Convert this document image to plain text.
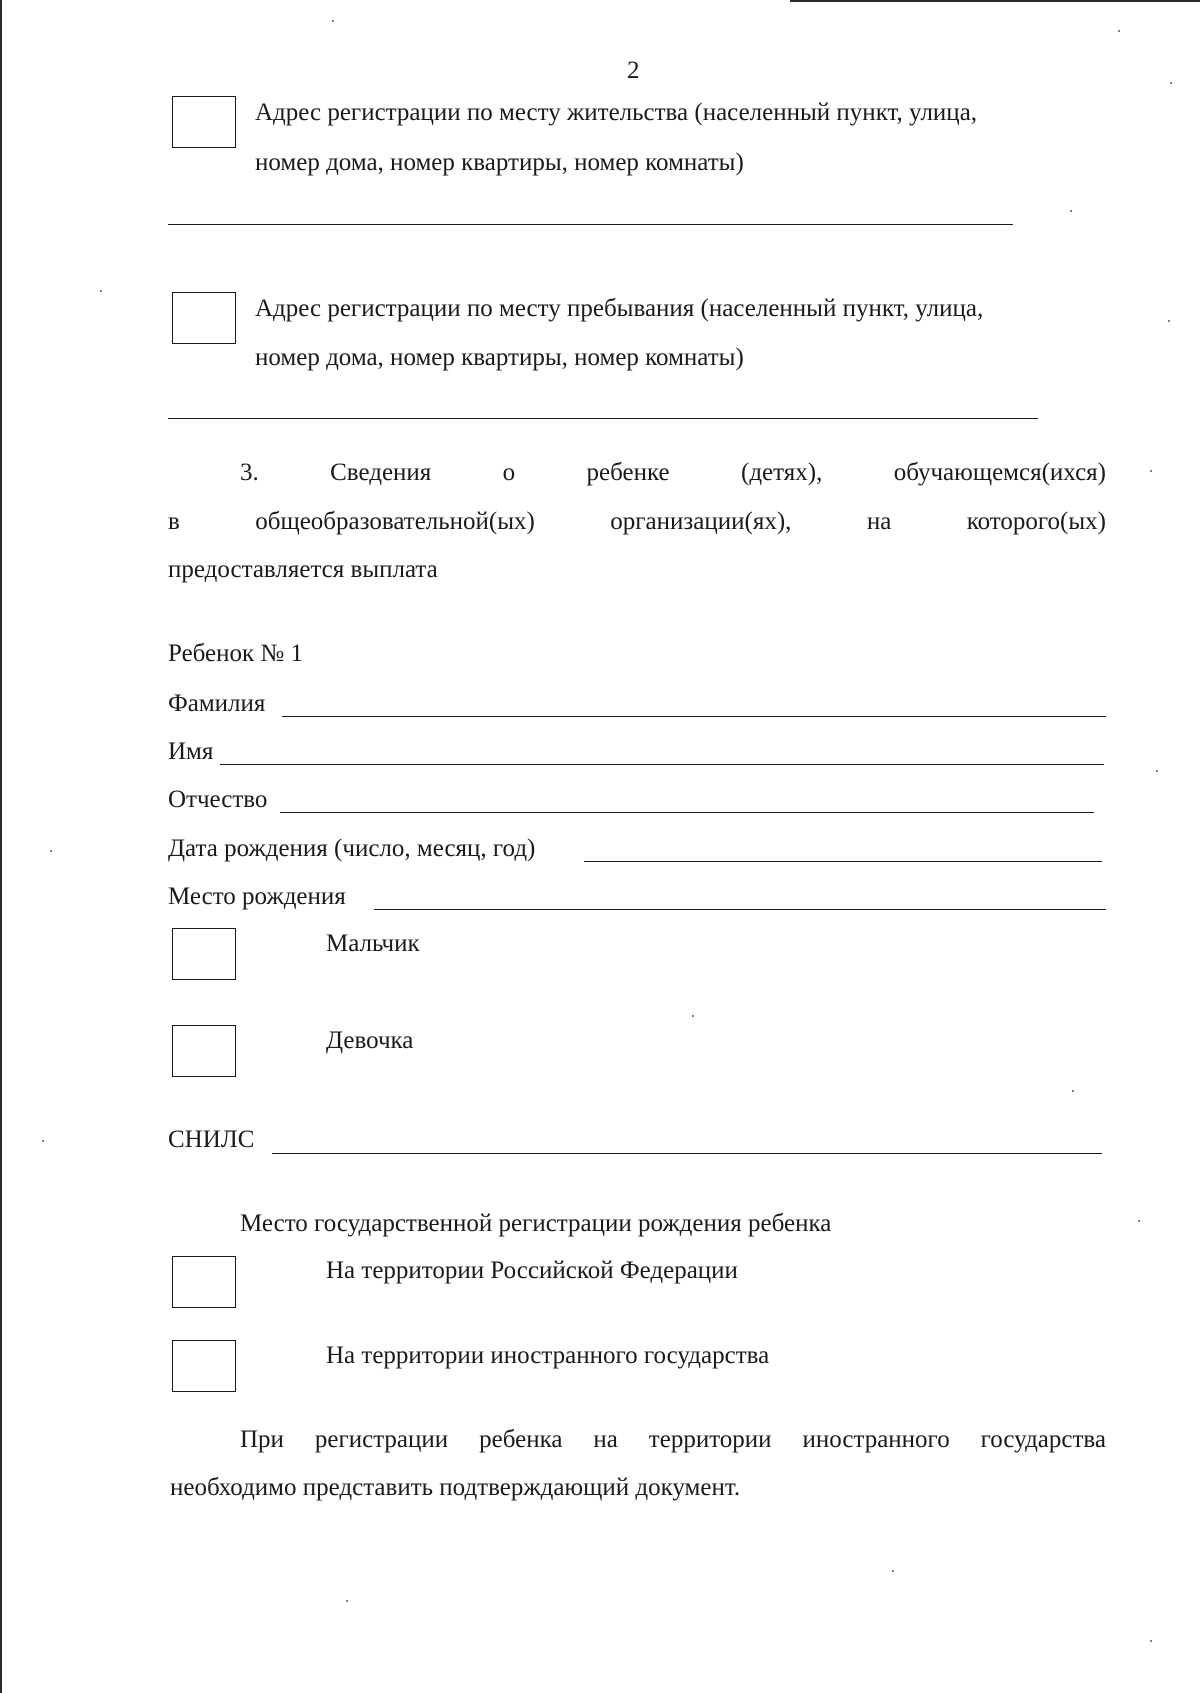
2
Адрес регистрации по месту жительства (населенный пункт, улица,
номер дома, номер квартиры, номер комнаты)
Адрес регистрации по месту пребывания (населенный пункт, улица,
номер дома, номер квартиры, номер комнаты)
3.	Сведения	о	ребенке	(детях),	обучающемся(ихся)
в	общеобразовательной(ых)	организации(ях),	на	которого(ых)
предоставляется выплата
Ребенок № 1
Фамилия
Имя
Отчество
Дата рождения (число, месяц, год)
Место рождения
Мальчик
Девочка
СНИЛС
Место государственной регистрации рождения ребенка
На территории Российской Федерации
На территории иностранного государства
При регистрации ребенка на территории иностранного государства
необходимо представить подтверждающий документ.
